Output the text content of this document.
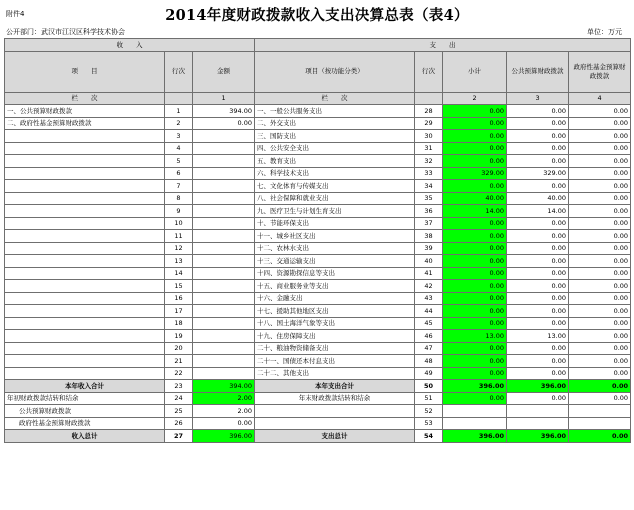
附件4	2014年度财政拨款收入支出决算总表（表4）
公开部门：武汉市江汉区科学技术协会	单位：万元
收　　入			支　　出				
项　　目	行次	金额	项目（按功能分类）	行次	小计	公共预算财政拨款	政府性基金预算财政拨款
栏　　次		1	栏　　次		2	3	4
一、公共预算财政拨款	1	394.00	一、一般公共服务支出	28	0.00	0.00	0.00
二、政府性基金预算财政拨款	2	0.00	二、外交支出	29	0.00	0.00	0.00
	3		三、国防支出	30	0.00	0.00	0.00
	4		四、公共安全支出	31	0.00	0.00	0.00
	5		五、教育支出	32	0.00	0.00	0.00
	6		六、科学技术支出	33	329.00	329.00	0.00
	7		七、文化体育与传媒支出	34	0.00	0.00	0.00
	8		八、社会保障和就业支出	35	40.00	40.00	0.00
	9		九、医疗卫生与计划生育支出	36	14.00	14.00	0.00
	10		十、节能环保支出	37	0.00	0.00	0.00
	11		十一、城乡社区支出	38	0.00	0.00	0.00
	12		十二、农林水支出	39	0.00	0.00	0.00
	13		十三、交通运输支出	40	0.00	0.00	0.00
	14		十四、资源勘探信息等支出	41	0.00	0.00	0.00
	15		十五、商业服务业等支出	42	0.00	0.00	0.00
	16		十六、金融支出	43	0.00	0.00	0.00
	17		十七、援助其他地区支出	44	0.00	0.00	0.00
	18		十八、国土海洋气象等支出	45	0.00	0.00	0.00
	19		十九、住房保障支出	46	13.00	13.00	0.00
	20		二十、粮油物资储备支出	47	0.00	0.00	0.00
	21		二十一、国债还本付息支出	48	0.00	0.00	0.00
	22		二十二、其他支出	49	0.00	0.00	0.00
本年收入合计	23	394.00	本年支出合计	50	396.00	396.00	0.00
年初财政拨款结转和结余	24	2.00	年末财政拨款结转和结余	51	0.00	0.00	0.00
公共预算财政拨款	25	2.00		52			
政府性基金预算财政拨款	26	0.00		53			
收入总计	27	396.00	支出总计	54	396.00	396.00	0.00
